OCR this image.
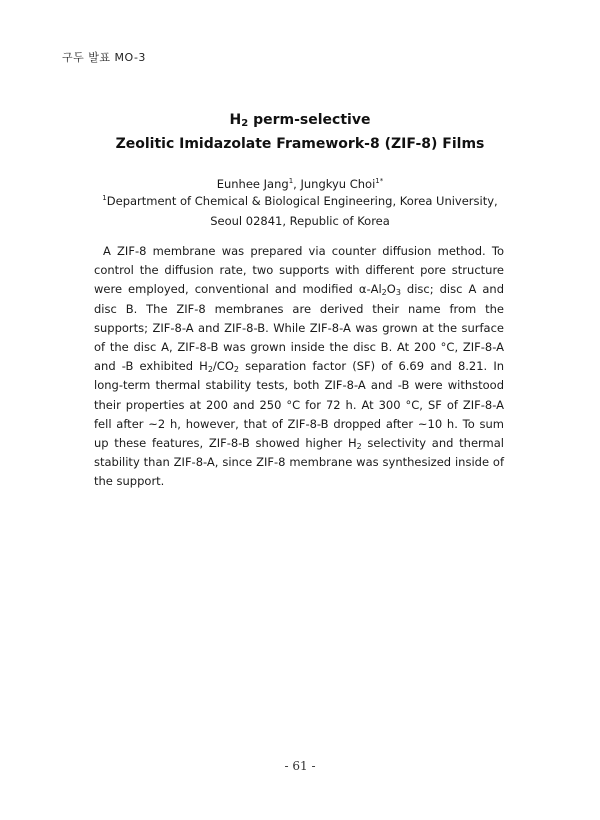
구두 발표 MO-3
$H_2$ perm-selective
Zeolitic Imidazolate Framework-8 (ZIF-8) Films
Eunhee Jang$^1$, Jungkyu Choi$^{1*}$
$^1$Department of Chemical & Biological Engineering, Korea University, Seoul 02841, Republic of Korea

A ZIF-8 membrane was prepared via counter diffusion method. To control the diffusion rate, two supports with different pore structure were employed, conventional and modified $\alpha-Al_2O_3$ disc; disc A and disc B. The ZIF-8 membranes are derived their name from the supports; ZIF-8-A and ZIF-8-B. While ZIF-8-A was grown at the surface of the disc A, ZIF-8-B was grown inside the disc B. At 200 °C, ZIF-8-A and -B exhibited $H_2/CO_2$ separation factor (SF) of 6.69 and 8.21. In long-term thermal stability tests, both ZIF-8-A and -B were withstood their properties at 200 and 250 °C for 72 h. At 300 °C, SF of ZIF-8-A fell after ~2 h, however, that of ZIF-8-B dropped after ~10 h. To sum up these features, ZIF-8-B showed higher $H_2$ selectivity and thermal stability than ZIF-8-A, since ZIF-8 membrane was synthesized inside of the support.

- 61 -
